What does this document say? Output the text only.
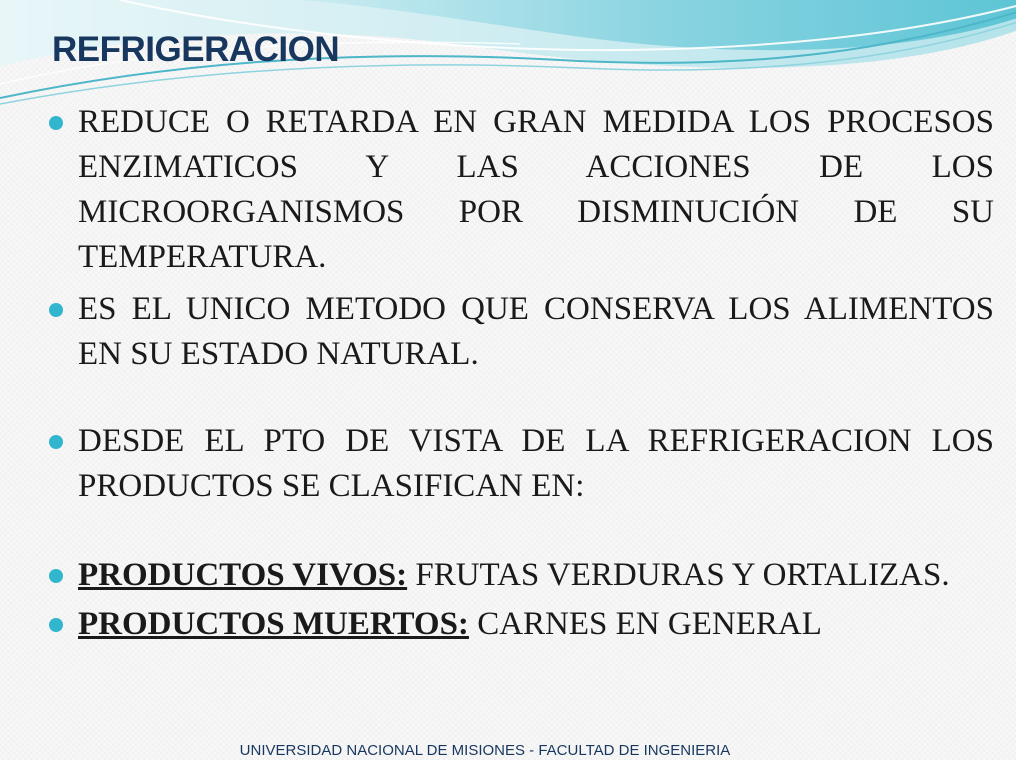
REFRIGERACION
REDUCE O RETARDA EN GRAN MEDIDA LOS PROCESOS ENZIMATICOS Y LAS ACCIONES DE LOS MICROORGANISMOS POR DISMINUCIÓN DE SU TEMPERATURA.
ES EL UNICO METODO QUE CONSERVA LOS ALIMENTOS EN SU ESTADO NATURAL.
DESDE EL PTO DE VISTA DE LA REFRIGERACION LOS PRODUCTOS SE CLASIFICAN EN:
PRODUCTOS VIVOS: FRUTAS VERDURAS Y ORTALIZAS.
PRODUCTOS MUERTOS: CARNES EN GENERAL
UNIVERSIDAD NACIONAL DE MISIONES - FACULTAD DE INGENIERIA
